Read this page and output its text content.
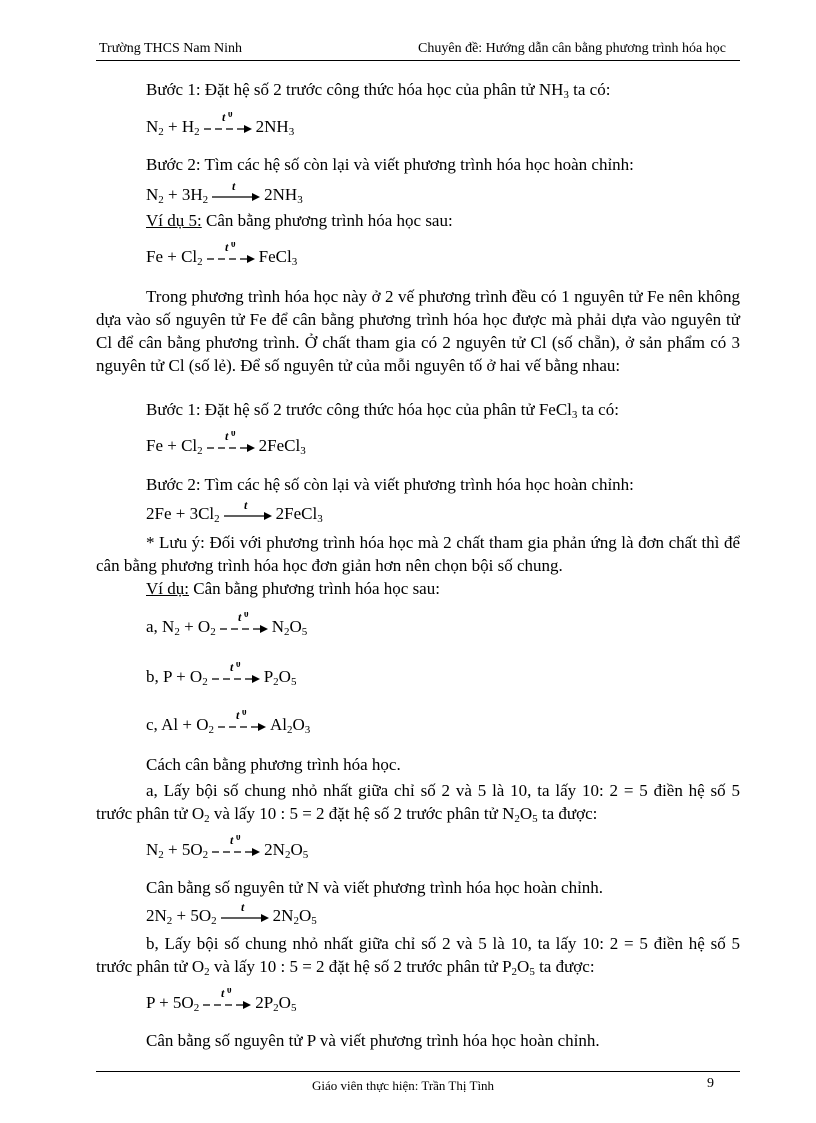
Trường THCS Nam Ninh	Chuyên đề: Hướng dẫn cân bằng phương trình hóa học
Bước 1: Đặt hệ số 2 trước công thức hóa học của phân tử $NH_3$ ta có:
$N_2 + H_2$
t 0
$2NH_3$
Bước 2: Tìm các hệ số còn lại và viết phương trình hóa học hoàn chỉnh:
$N_2 + 3H_2$
t $2NH_3$
Ví dụ 5: Cân bằng phương trình hóa học sau:
$Fe + Cl_2$
t 0
FeCl$_3$
Trong phương trình hóa học này ở 2 vế phương trình đều có 1 nguyên tử Fe nên không dựa vào số nguyên tử Fe để cân bằng phương trình hóa học được mà phải dựa vào nguyên tử Cl để cân bằng phương trình. Ở chất tham gia có 2 nguyên tử Cl (số chẵn), ở sản phẩm có 3 nguyên tử Cl (số lẻ). Để số nguyên tử của mỗi nguyên tố ở hai vế bằng nhau:
Bước 1: Đặt hệ số 2 trước công thức hóa học của phân tử FeCl$_3$ ta có:
$Fe + Cl_2$
t 0
2FeCl$_3$
Bước 2: Tìm các hệ số còn lại và viết phương trình hóa học hoàn chỉnh:
$2Fe + 3Cl_2$
t 2FeCl$_3$
* Lưu ý: Đối với phương trình hóa học mà 2 chất tham gia phản ứng là đơn chất thì để cân bằng phương trình hóa học đơn giản hơn nên chọn bội số chung.
Ví dụ: Cân bằng phương trình hóa học sau:
a, $N_2 + O_2$
t 0
$N_2O_5$
b, $P + O_2$
t 0
$P_2O_5$
c, $Al + O_2$
t 0
$Al_2O_3$
Cách cân bằng phương trình hóa học.
a, Lấy bội số chung nhỏ nhất giữa chỉ số 2 và 5 là 10, ta lấy 10: 2 = 5 điền hệ số 5 trước phân tử $O_2$ và lấy 10 : 5 = 2 đặt hệ số 2 trước phân tử $N_2O_5$ ta được:
$N_2 + 5O_2$
t 0
$2N_2O_5$
Cân bằng số nguyên tử N và viết phương trình hóa học hoàn chỉnh.
$2N_2 + 5O_2$
t $2N_2O_5$
b, Lấy bội số chung nhỏ nhất giữa chỉ số 2 và 5 là 10, ta lấy 10: 2 = 5 điền hệ số 5 trước phân tử $O_2$ và lấy 10 : 5 = 2 đặt hệ số 2 trước phân tử $P_2O_5$ ta được:
$P + 5O_2$
t 0
$2P_2O_5$
Cân bằng số nguyên tử P và viết phương trình hóa học hoàn chỉnh.
Giáo viên thực hiện: Trần Thị Tình	9
